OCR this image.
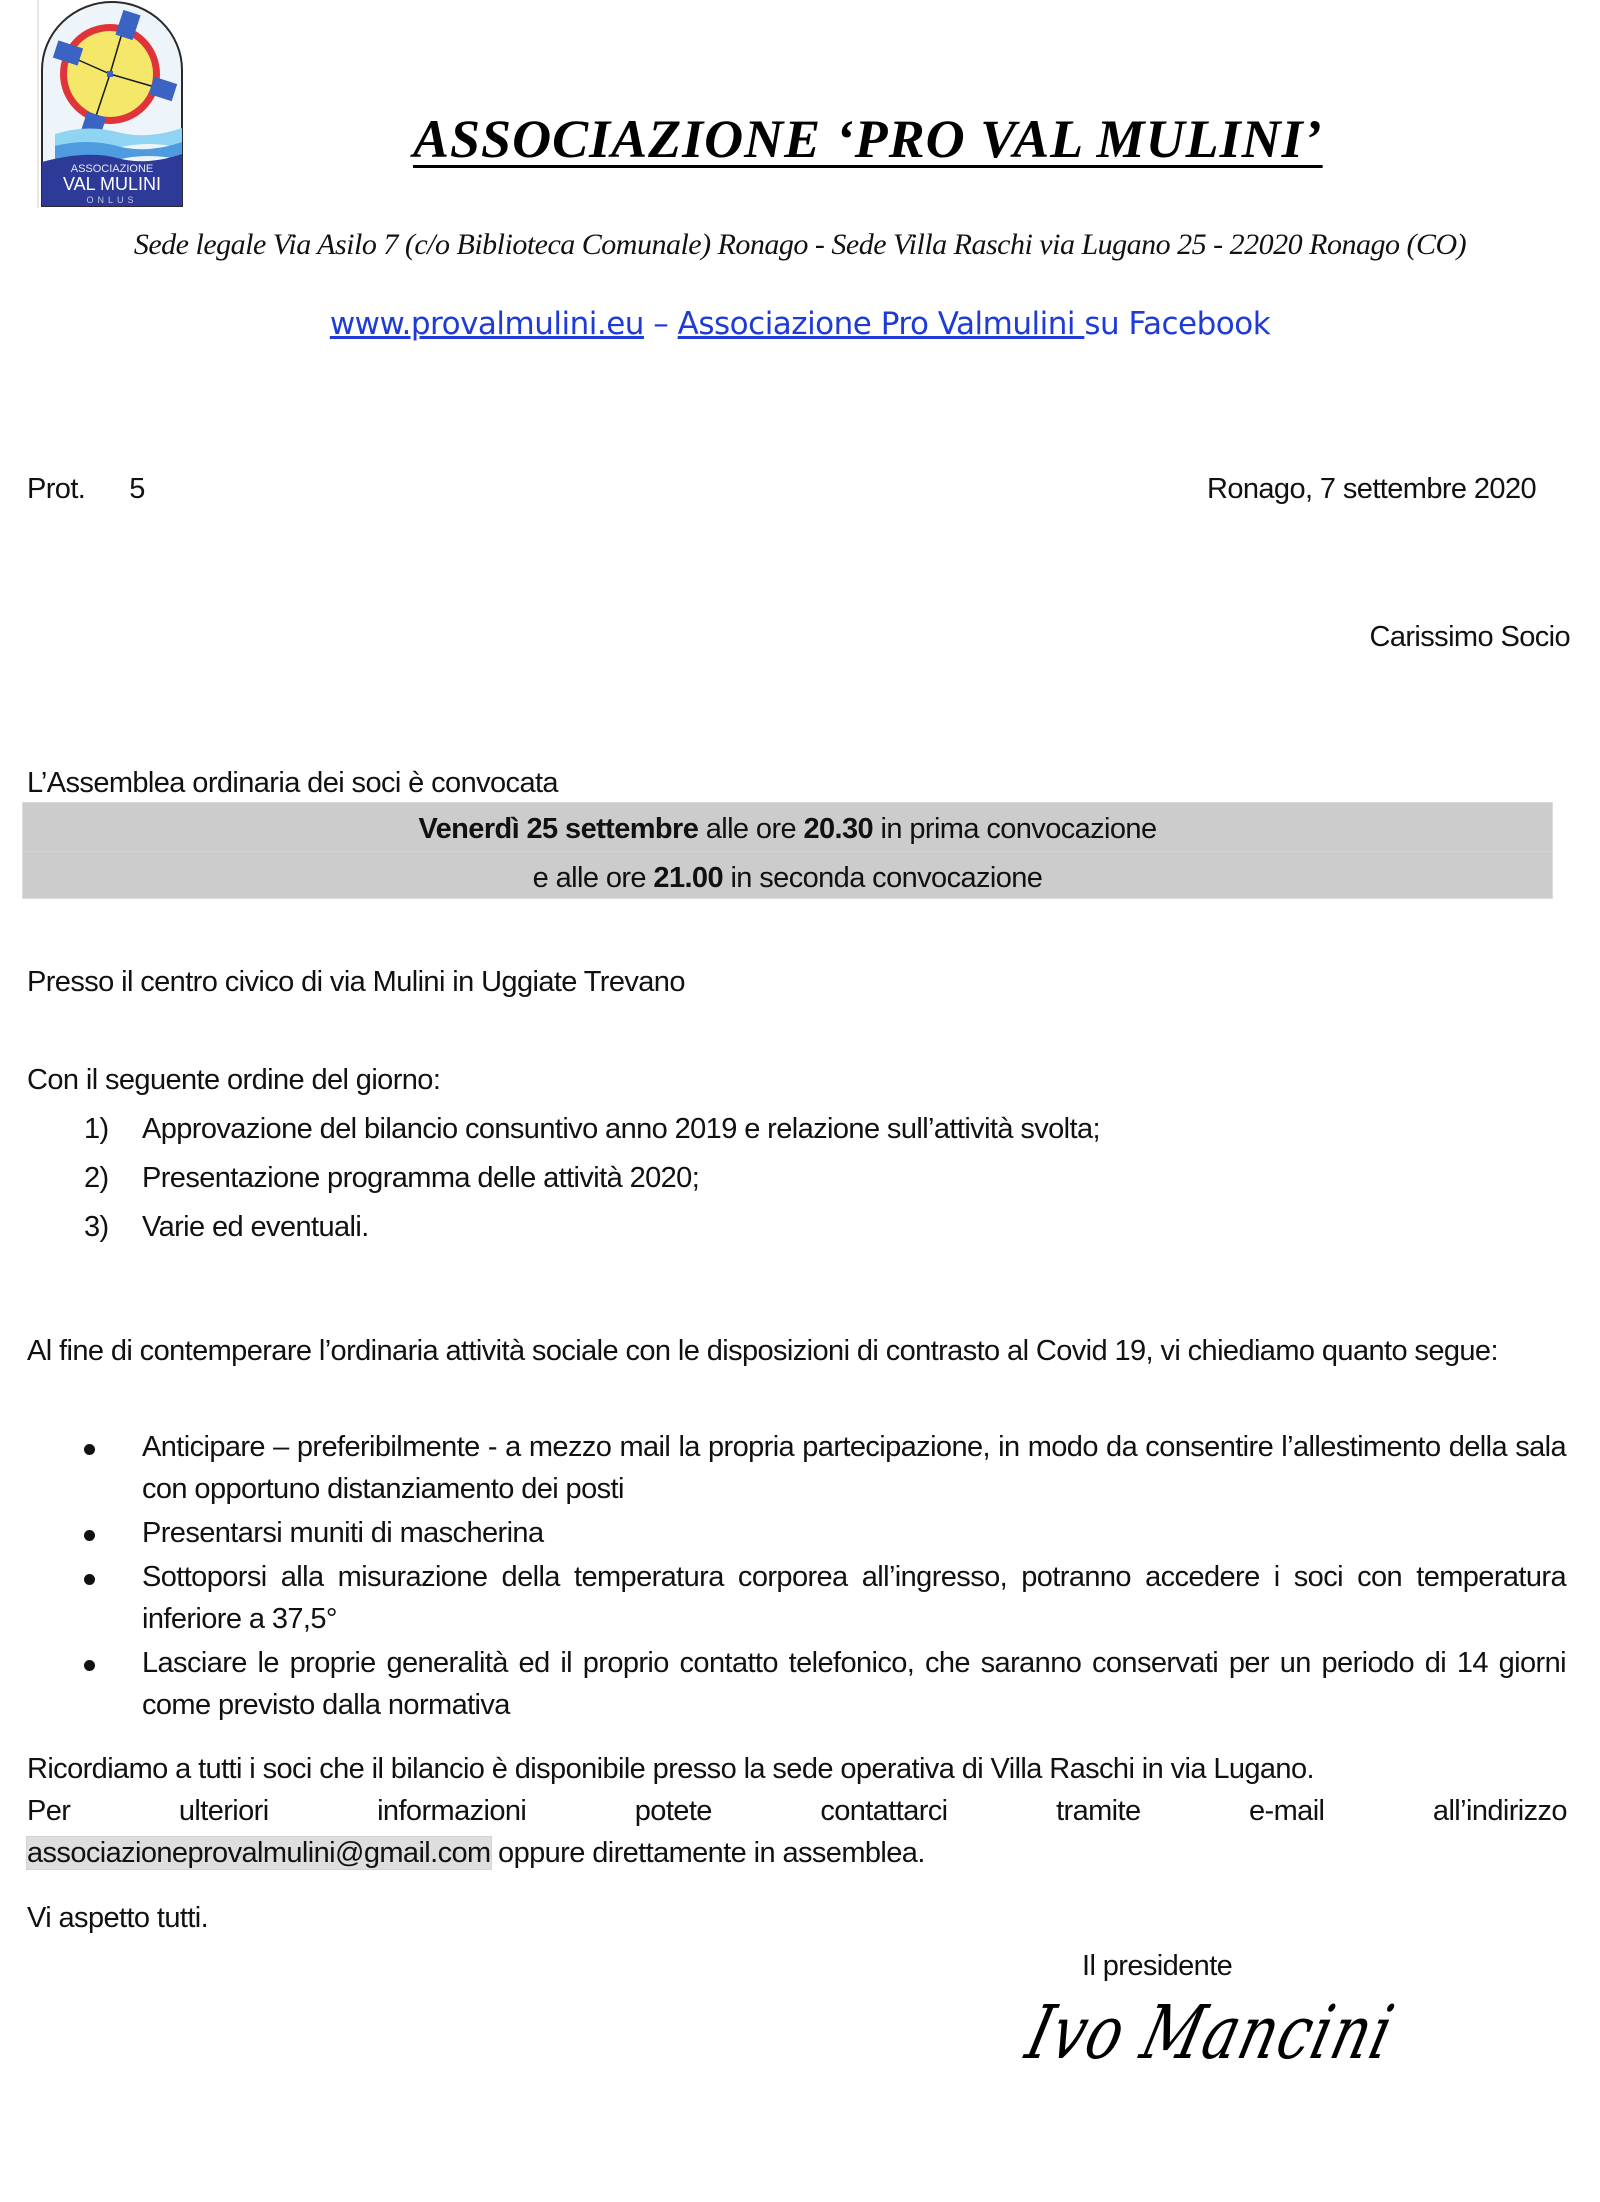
ASSOCIAZIONE
VAL MULINI
ONLUS
ASSOCIAZIONE ‘PRO VAL MULINI’
Sede legale Via Asilo 7 (c/o Biblioteca Comunale) Ronago - Sede Villa Raschi via Lugano 25 - 22020 Ronago (CO)
www.provalmulini.eu – Associazione Pro Valmulini su Facebook
Prot. 5	Ronago, 7 settembre 2020
Carissimo Socio
L’Assemblea ordinaria dei soci è convocata
Venerdì 25 settembre alle ore 20.30 in prima convocazione
e alle ore 21.00 in seconda convocazione
Presso il centro civico di via Mulini in Uggiate Trevano
Con il seguente ordine del giorno:
1) Approvazione del bilancio consuntivo anno 2019 e relazione sull’attività svolta;
2) Presentazione programma delle attività 2020;
3) Varie ed eventuali.
Al fine di contemperare l’ordinaria attività sociale con le disposizioni di contrasto al Covid 19, vi chiediamo quanto segue:
Anticipare – preferibilmente - a mezzo mail la propria partecipazione, in modo da consentire l’allestimento della sala con opportuno distanziamento dei posti
Presentarsi muniti di mascherina
Sottoporsi alla misurazione della temperatura corporea all’ingresso, potranno accedere i soci con temperatura inferiore a 37,5°
Lasciare le proprie generalità ed il proprio contatto telefonico, che saranno conservati per un periodo di 14 giorni come previsto dalla normativa
Ricordiamo a tutti i soci che il bilancio è disponibile presso la sede operativa di Villa Raschi in via Lugano.
Per	ulteriori	informazioni	potete	contattarci	tramite	e-mail	all’indirizzo
associazioneprovalmulini@gmail.com oppure direttamente in assemblea.
Vi aspetto tutti.
Il presidente
Ivo Mancini
